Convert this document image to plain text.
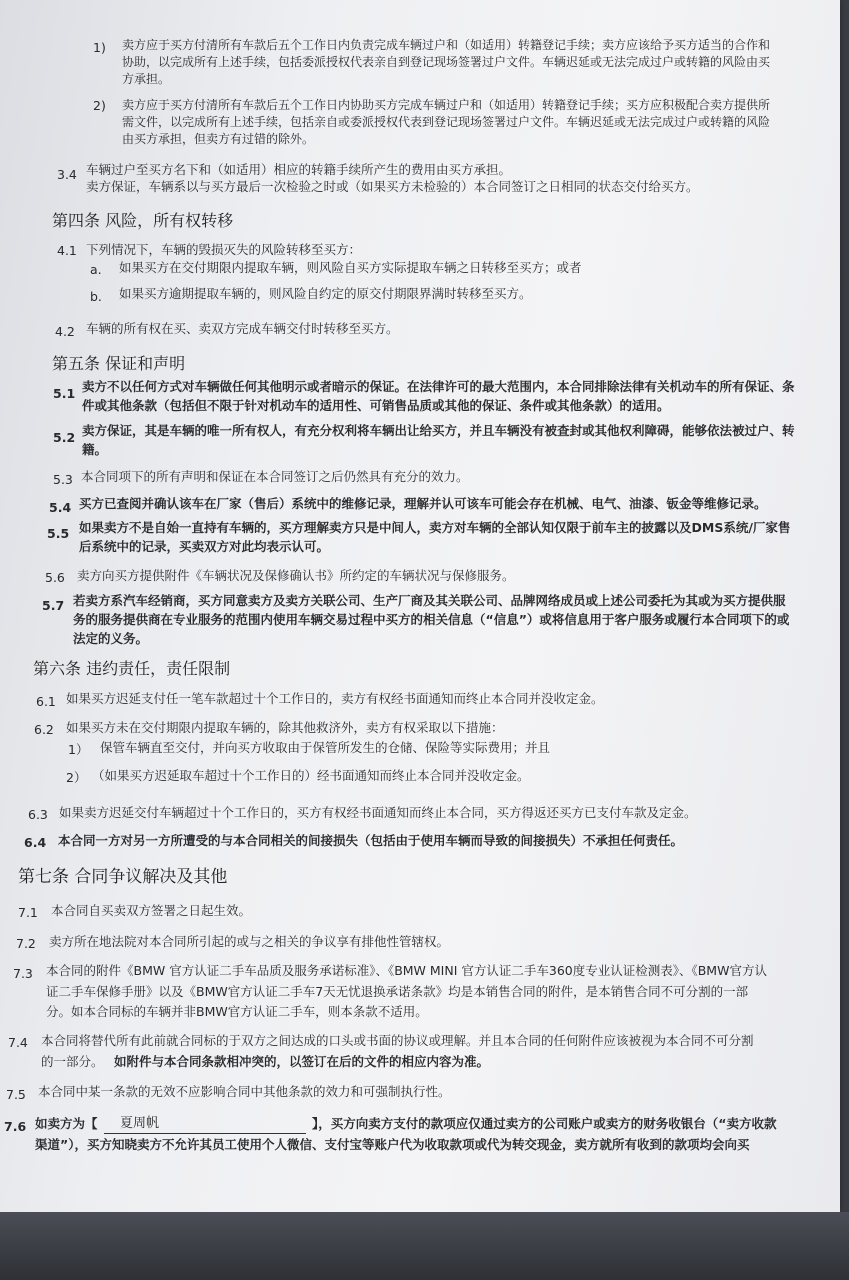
1) 卖方应于买方付清所有车款后五个工作日内负责完成车辆过户和（如适用）转籍登记手续；卖方应该给予买方适当的合作和
协助，以完成所有上述手续，包括委派授权代表亲自到登记现场签署过户文件。车辆迟延或无法完成过户或转籍的风险由买
方承担。
2) 卖方应于买方付清所有车款后五个工作日内协助买方完成车辆过户和（如适用）转籍登记手续；买方应积极配合卖方提供所
需文件，以完成所有上述手续，包括亲自或委派授权代表到登记现场签署过户文件。车辆迟延或无法完成过户或转籍的风险
由买方承担，但卖方有过错的除外。
3.4 车辆过户至买方名下和（如适用）相应的转籍手续所产生的费用由买方承担。
卖方保证，车辆系以与买方最后一次检验之时或（如果买方未检验的）本合同签订之日相同的状态交付给买方。
第四条 风险，所有权转移
4.1 下列情况下，车辆的毁损灭失的风险转移至买方：
a. 如果买方在交付期限内提取车辆，则风险自买方实际提取车辆之日转移至买方；或者
b. 如果买方逾期提取车辆的，则风险自约定的原交付期限界满时转移至买方。
4.2 车辆的所有权在买、卖双方完成车辆交付时转移至买方。
第五条 保证和声明
5.1 卖方不以任何方式对车辆做任何其他明示或者暗示的保证。在法律许可的最大范围内，本合同排除法律有关机动车的所有保证、条
件或其他条款（包括但不限于针对机动车的适用性、可销售品质或其他的保证、条件或其他条款）的适用。
5.2 卖方保证，其是车辆的唯一所有权人，有充分权利将车辆出让给买方，并且车辆没有被查封或其他权利障碍，能够依法被过户、转
籍。
5.3 本合同项下的所有声明和保证在本合同签订之后仍然具有充分的效力。
5.4 买方已查阅并确认该车在厂家（售后）系统中的维修记录，理解并认可该车可能会存在机械、电气、油漆、钣金等维修记录。
5.5 如果卖方不是自始一直持有车辆的，买方理解卖方只是中间人，卖方对车辆的全部认知仅限于前车主的披露以及DMS系统/厂家售
后系统中的记录，买卖双方对此均表示认可。
5.6 卖方向买方提供附件《车辆状况及保修确认书》所约定的车辆状况与保修服务。
5.7 若卖方系汽车经销商，买方同意卖方及卖方关联公司、生产厂商及其关联公司、品牌网络成员或上述公司委托为其或为买方提供服
务的服务提供商在专业服务的范围内使用车辆交易过程中买方的相关信息（“信息”）或将信息用于客户服务或履行本合同项下的或
法定的义务。
第六条 违约责任，责任限制
6.1 如果买方迟延支付任一笔车款超过十个工作日的，卖方有权经书面通知而终止本合同并没收定金。
6.2 如果买方未在交付期限内提取车辆的，除其他救济外，卖方有权采取以下措施：
1） 保管车辆直至交付，并向买方收取由于保管所发生的仓储、保险等实际费用；并且
2） （如果买方迟延取车超过十个工作日的）经书面通知而终止本合同并没收定金。
6.3 如果卖方迟延交付车辆超过十个工作日的，买方有权经书面通知而终止本合同，买方得返还买方已支付车款及定金。
6.4 本合同一方对另一方所遭受的与本合同相关的间接损失（包括由于使用车辆而导致的间接损失）不承担任何责任。
第七条 合同争议解决及其他
7.1 本合同自买卖双方签署之日起生效。
7.2 卖方所在地法院对本合同所引起的或与之相关的争议享有排他性管辖权。
7.3 本合同的附件《BMW 官方认证二手车品质及服务承诺标准》、《BMW MINI 官方认证二手车360度专业认证检测表》、《BMW官方认
证二手车保修手册》以及《BMW官方认证二手车7天无忧退换承诺条款》均是本销售合同的附件，是本销售合同不可分割的一部
分。如本合同标的车辆并非BMW官方认证二手车，则本条款不适用。
7.4 本合同将替代所有此前就合同标的于双方之间达成的口头或书面的协议或理解。并且本合同的任何附件应该被视为本合同不可分割
的一部分。 如附件与本合同条款相冲突的，以签订在后的文件的相应内容为准。
7.5 本合同中某一条款的无效不应影响合同中其他条款的效力和可强制执行性。
7.6 如卖方为【 夏周帆	】，买方向卖方支付的款项应仅通过卖方的公司账户或卖方的财务收银台（“卖方收款
渠道”），买方知晓卖方不允许其员工使用个人微信、支付宝等账户代为收取款项或代为转交现金，卖方就所有收到的款项均会向买
